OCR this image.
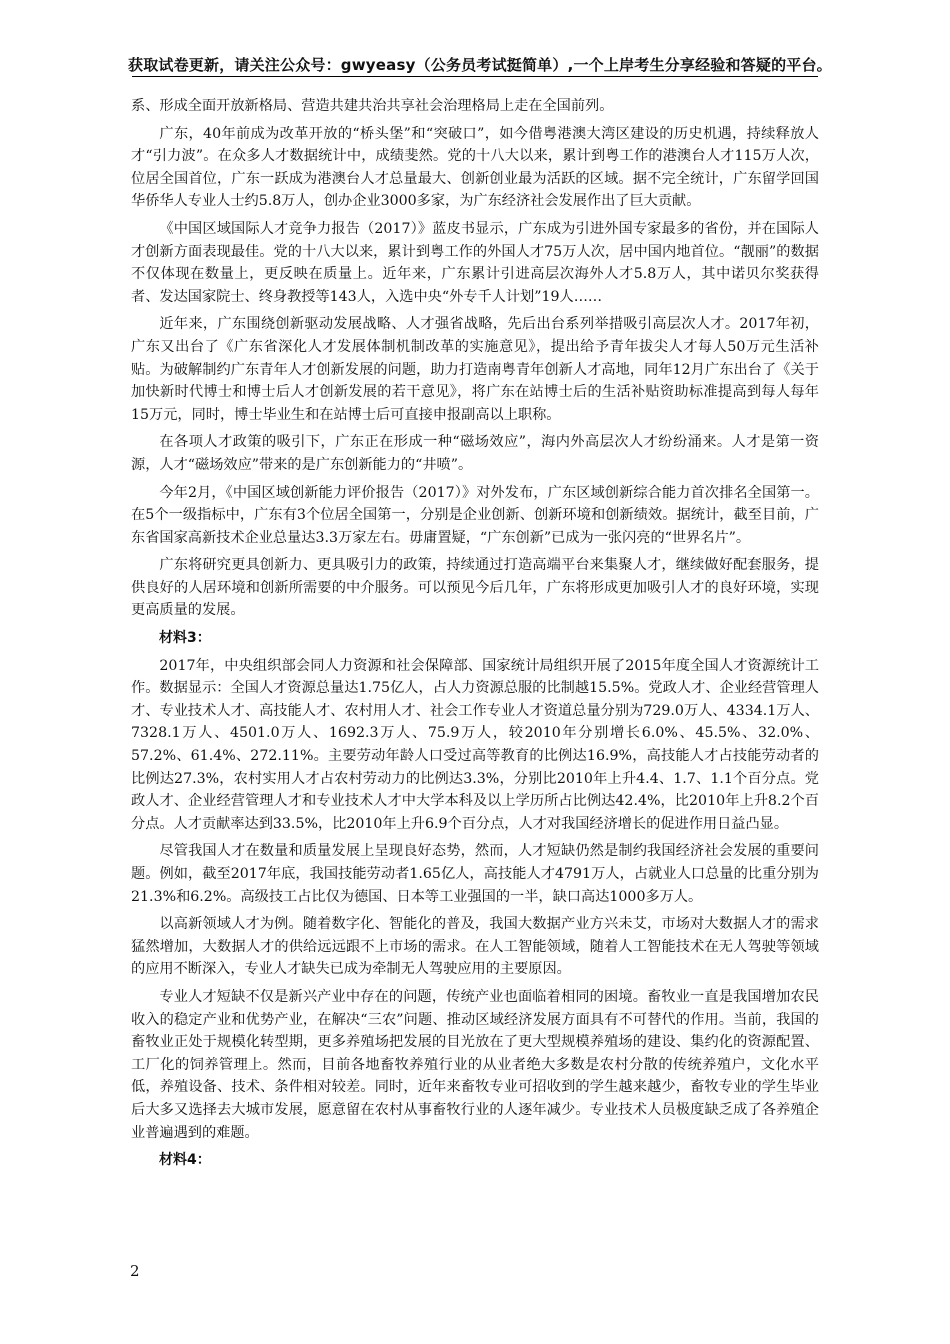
获取试卷更新，请关注公众号：gwyeasy（公务员考试挺简单）,一个上岸考生分享经验和答疑的平台。

系、形成全面开放新格局、营造共建共治共享社会治理格局上走在全国前列。

广东，40年前成为改革开放的“桥头堡”和“突破口”，如今借粤港澳大湾区建设的历史机遇，持续释放人才“引力波”。在众多人才数据统计中，成绩斐然。党的十八大以来，累计到粤工作的港澳台人才115万人次，位居全国首位，广东一跃成为港澳台人才总量最大、创新创业最为活跃的区域。据不完全统计，广东留学回国华侨华人专业人士约5.8万人，创办企业3000多家，为广东经济社会发展作出了巨大贡献。

《中国区域国际人才竞争力报告（2017）》蓝皮书显示，广东成为引进外国专家最多的省份，并在国际人才创新方面表现最佳。党的十八大以来，累计到粤工作的外国人才75万人次，居中国内地首位。“靓丽”的数据不仅体现在数量上，更反映在质量上。近年来，广东累计引进高层次海外人才5.8万人，其中诺贝尔奖获得者、发达国家院士、终身教授等143人，入选中央“外专千人计划”19人……

近年来，广东围绕创新驱动发展战略、人才强省战略，先后出台系列举措吸引高层次人才。2017年初，广东又出台了《广东省深化人才发展体制机制改革的实施意见》，提出给予青年拔尖人才每人50万元生活补贴。为破解制约广东青年人才创新发展的问题，助力打造南粤青年创新人才高地，同年12月广东出台了《关于加快新时代博士和博士后人才创新发展的若干意见》，将广东在站博士后的生活补贴资助标准提高到每人每年15万元，同时，博士毕业生和在站博士后可直接申报副高以上职称。

在各项人才政策的吸引下，广东正在形成一种“磁场效应”，海内外高层次人才纷纷涌来。人才是第一资源，人才“磁场效应”带来的是广东创新能力的“井喷”。

今年2月，《中国区域创新能力评价报告（2017）》对外发布，广东区域创新综合能力首次排名全国第一。在5个一级指标中，广东有3个位居全国第一，分别是企业创新、创新环境和创新绩效。据统计，截至目前，广东省国家高新技术企业总量达3.3万家左右。毋庸置疑，“广东创新”已成为一张闪亮的“世界名片”。

广东将研究更具创新力、更具吸引力的政策，持续通过打造高端平台来集聚人才，继续做好配套服务，提供良好的人居环境和创新所需要的中介服务。可以预见今后几年，广东将形成更加吸引人才的良好环境，实现更高质量的发展。

材料3：

2017年，中央组织部会同人力资源和社会保障部、国家统计局组织开展了2015年度全国人才资源统计工作。数据显示：全国人才资源总量达1.75亿人，占人力资源总服的比制越15.5%。党政人才、企业经营管理人才、专业技术人才、高技能人才、农村用人才、社会工作专业人才资道总量分别为729.0万人、4334.1万人、7328.1万人、4501.0万人、1692.3万人、75.9万人，较2010年分别增长6.0%、45.5%、32.0%、57.2%、61.4%、272.11%。主要劳动年龄人口受过高等教育的比例达16.9%，高技能人才占技能劳动者的比例达27.3%，农村实用人才占农村劳动力的比例达3.3%，分别比2010年上升4.4、1.7、1.1个百分点。党政人才、企业经营管理人才和专业技术人才中大学本科及以上学历所占比例达42.4%，比2010年上升8.2个百分点。人才贡献率达到33.5%，比2010年上升6.9个百分点，人才对我国经济增长的促进作用日益凸显。

尽管我国人才在数量和质量发展上呈现良好态势，然而，人才短缺仍然是制约我国经济社会发展的重要问题。例如，截至2017年底，我国技能劳动者1.65亿人，高技能人才4791万人，占就业人口总量的比重分别为21.3%和6.2%。高级技工占比仅为德国、日本等工业强国的一半，缺口高达1000多万人。

以高新领域人才为例。随着数字化、智能化的普及，我国大数据产业方兴未艾，市场对大数据人才的需求猛然增加，大数据人才的供给远远跟不上市场的需求。在人工智能领域，随着人工智能技术在无人驾驶等领域的应用不断深入，专业人才缺失已成为牵制无人驾驶应用的主要原因。

专业人才短缺不仅是新兴产业中存在的问题，传统产业也面临着相同的困境。畜牧业一直是我国增加农民收入的稳定产业和优势产业，在解决“三农”问题、推动区域经济发展方面具有不可替代的作用。当前，我国的畜牧业正处于规模化转型期，更多养殖场把发展的目光放在了更大型规模养殖场的建设、集约化的资源配置、工厂化的饲养管理上。然而，目前各地畜牧养殖行业的从业者绝大多数是农村分散的传统养殖户，文化水平低，养殖设备、技术、条件相对较差。同时，近年来畜牧专业可招收到的学生越来越少，畜牧专业的学生毕业后大多又选择去大城市发展，愿意留在农村从事畜牧行业的人逐年减少。专业技术人员极度缺乏成了各养殖企业普遍遇到的难题。

材料4：

2
